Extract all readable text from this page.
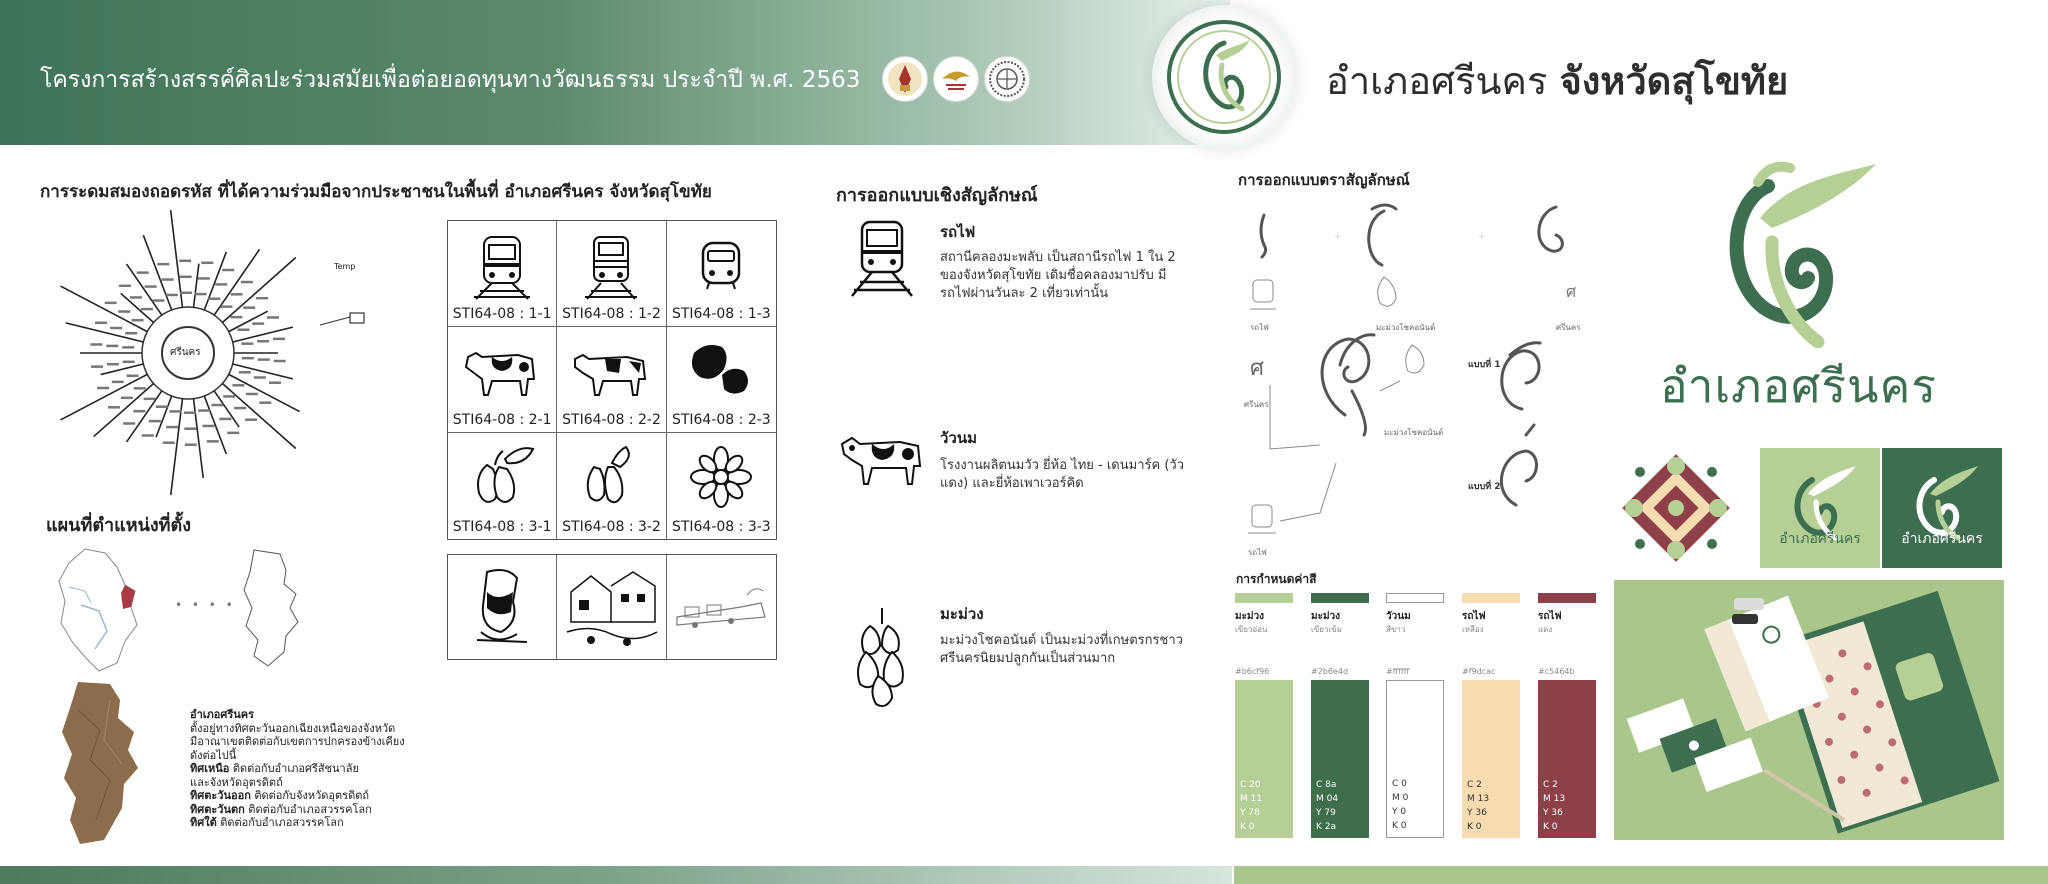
โครงการสร้างสรรค์ศิลปะร่วมสมัยเพื่อต่อยอดทุนทางวัฒนธรรม ประจำปี พ.ศ. 2563	อำเภอศรีนคร จังหวัดสุโขทัย
การระดมสมองถอดรหัส ที่ได้ความร่วมมือจากประชาชนในพื้นที่ อำเภอศรีนคร จังหวัดสุโขทัย
ศรีนคร
Temp
แผนที่ตำแหน่งที่ตั้ง
• • • •
อำเภอศรีนคร
ตั้งอยู่ทางทิศตะวันออกเฉียงเหนือของจังหวัด
มีอาณาเขตติดต่อกับเขตการปกครองข้างเคียง
ดังต่อไปนี้
ทิศเหนือ ติดต่อกับอำเภอศรีสัชนาลัย
และจังหวัดอุตรดิตถ์
ทิศตะวันออก ติดต่อกับจังหวัดอุตรดิตถ์
ทิศตะวันตก ติดต่อกับอำเภอสวรรคโลก
ทิศใต้ ติดต่อกับอำเภอสวรรคโลก
STI64-08 : 1-1 STI64-08 : 1-2 STI64-08 : 1-3
STI64-08 : 2-1 STI64-08 : 2-2 STI64-08 : 2-3
STI64-08 : 3-1 STI64-08 : 3-2 STI64-08 : 3-3
การออกแบบเชิงสัญลักษณ์
รถไฟ
สถานีคลองมะพลับ เป็นสถานีรถไฟ 1 ใน 2 ของจังหวัดสุโขทัย เดิมชื่อคลองมาปรับ มีรถไฟผ่านวันละ 2 เที่ยวเท่านั้น
วัวนม
โรงงานผลิตนมวัว ยี่ห้อ ไทย - เดนมาร์ค (วัวแดง) และยี่ห้อเพาเวอร์คิด
มะม่วง
มะม่วงโชคอนันต์ เป็นมะม่วงที่เกษตรกรชาวศรีนครนิยมปลูกกันเป็นส่วนมาก
การออกแบบตราสัญลักษณ์
+	+
ศ
ศ
รถไฟ	มะม่วงโชคอนันต์	ศรีนคร
แบบที่ 1
แบบที่ 2
ศรีนคร
มะม่วงโชคอนันต์
รถไฟ
การกำหนดค่าสี
มะม่วง
เขียวอ่อน
#b6cf96
C 20
M 11
Y 78
K 0
มะม่วง
เขียวเข้ม
#2b6e4d
C 8a
M 04
Y 79
K 2a
วัวนม
สีขาว
#ffffff
C 0
M 0
Y 0
K 0
รถไฟ
เหลือง
#f9dcac
C 2
M 13
Y 36
K 0
รถไฟ
แดง
#c5464b
C 2
M 13
Y 36
K 0
อำเภอศรีนคร
อำเภอศรีนคร	อำเภอศรีนคร
